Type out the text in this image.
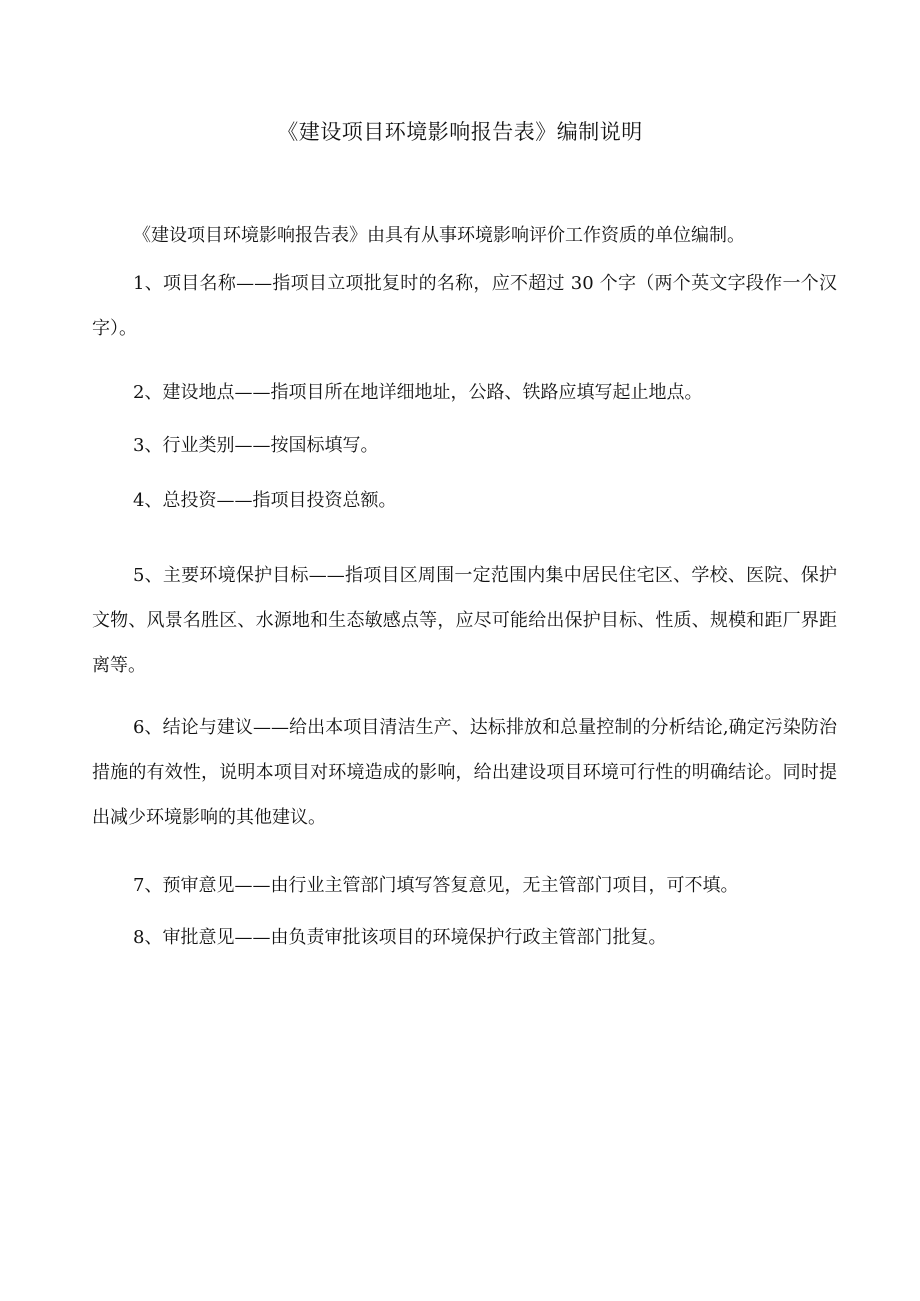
《建设项目环境影响报告表》编制说明

《建设项目环境影响报告表》由具有从事环境影响评价工作资质的单位编制。

1、项目名称——指项目立项批复时的名称，应不超过 30 个字（两个英文字段作一个汉字）。

2、建设地点——指项目所在地详细地址，公路、铁路应填写起止地点。

3、行业类别——按国标填写。

4、总投资——指项目投资总额。

5、主要环境保护目标——指项目区周围一定范围内集中居民住宅区、学校、医院、保护文物、风景名胜区、水源地和生态敏感点等，应尽可能给出保护目标、性质、规模和距厂界距离等。

6、结论与建议——给出本项目清洁生产、达标排放和总量控制的分析结论,确定污染防治措施的有效性，说明本项目对环境造成的影响，给出建设项目环境可行性的明确结论。同时提出减少环境影响的其他建议。

7、预审意见——由行业主管部门填写答复意见，无主管部门项目，可不填。

8、审批意见——由负责审批该项目的环境保护行政主管部门批复。
